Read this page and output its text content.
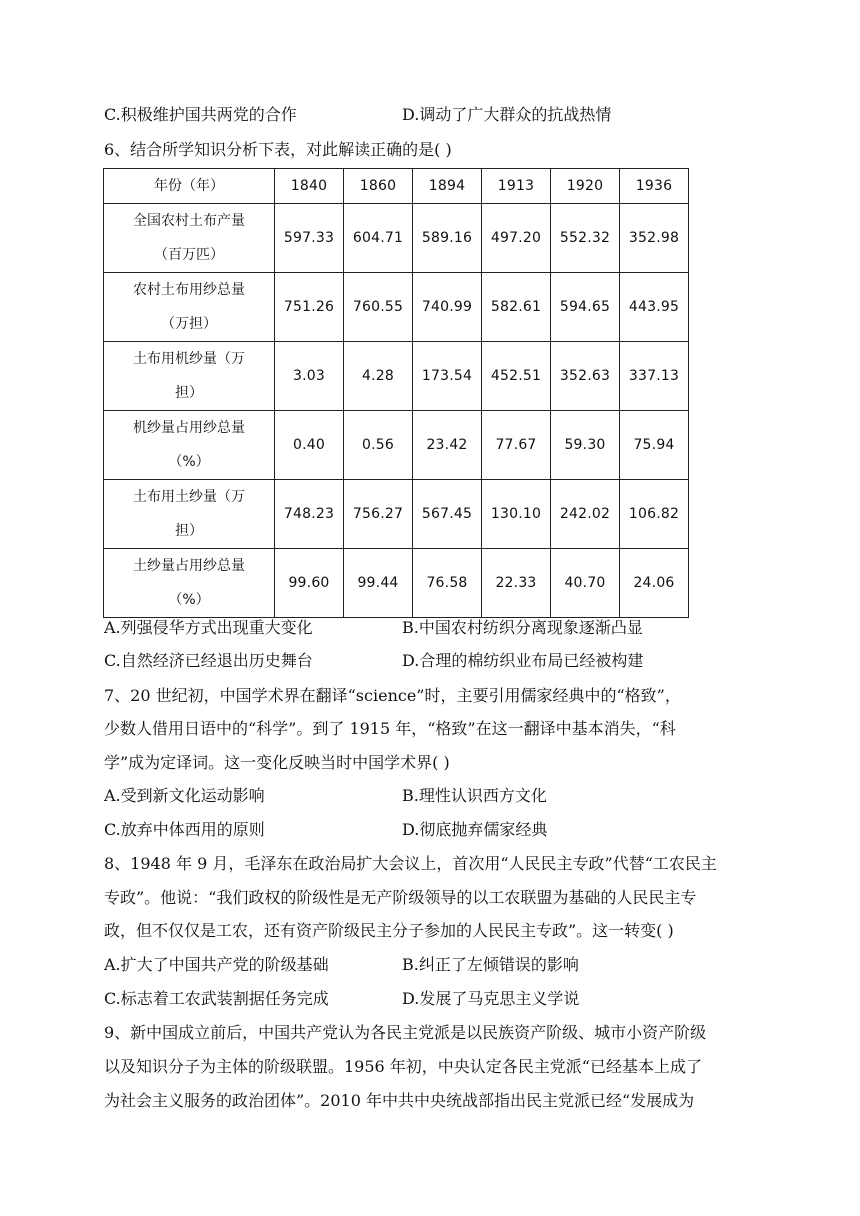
C.积极维护国共两党的合作	D.调动了广大群众的抗战热情
6、结合所学知识分析下表，对此解读正确的是( )
年份（年）	1840	1860	1894	1913	1920	1936
全国农村土布产量
（百万匹）	597.33	604.71	589.16	497.20	552.32	352.98
农村土布用纱总量
（万担）	751.26	760.55	740.99	582.61	594.65	443.95
土布用机纱量（万
担）	3.03	4.28	173.54	452.51	352.63	337.13
机纱量占用纱总量
（%）	0.40	0.56	23.42	77.67	59.30	75.94
土布用土纱量（万
担）	748.23	756.27	567.45	130.10	242.02	106.82
土纱量占用纱总量
（%）	99.60	99.44	76.58	22.33	40.70	24.06
A.列强侵华方式出现重大变化	B.中国农村纺织分离现象逐渐凸显
C.自然经济已经退出历史舞台	D.合理的棉纺织业布局已经被构建
7、20 世纪初，中国学术界在翻译“science”时，主要引用儒家经典中的“格致”，
少数人借用日语中的“科学”。到了 1915 年，“格致”在这一翻译中基本消失，“科
学”成为定译词。这一变化反映当时中国学术界( )
A.受到新文化运动影响	B.理性认识西方文化
C.放弃中体西用的原则	D.彻底抛弃儒家经典
8、1948 年 9 月，毛泽东在政治局扩大会议上，首次用“人民民主专政”代替“工农民主
专政”。他说：“我们政权的阶级性是无产阶级领导的以工农联盟为基础的人民民主专
政，但不仅仅是工农，还有资产阶级民主分子参加的人民民主专政”。这一转变( )
A.扩大了中国共产党的阶级基础	B.纠正了左倾错误的影响
C.标志着工农武装割据任务完成	D.发展了马克思主义学说
9、新中国成立前后，中国共产党认为各民主党派是以民族资产阶级、城市小资产阶级
以及知识分子为主体的阶级联盟。1956 年初，中央认定各民主党派“已经基本上成了
为社会主义服务的政治团体”。2010 年中共中央统战部指出民主党派已经“发展成为
